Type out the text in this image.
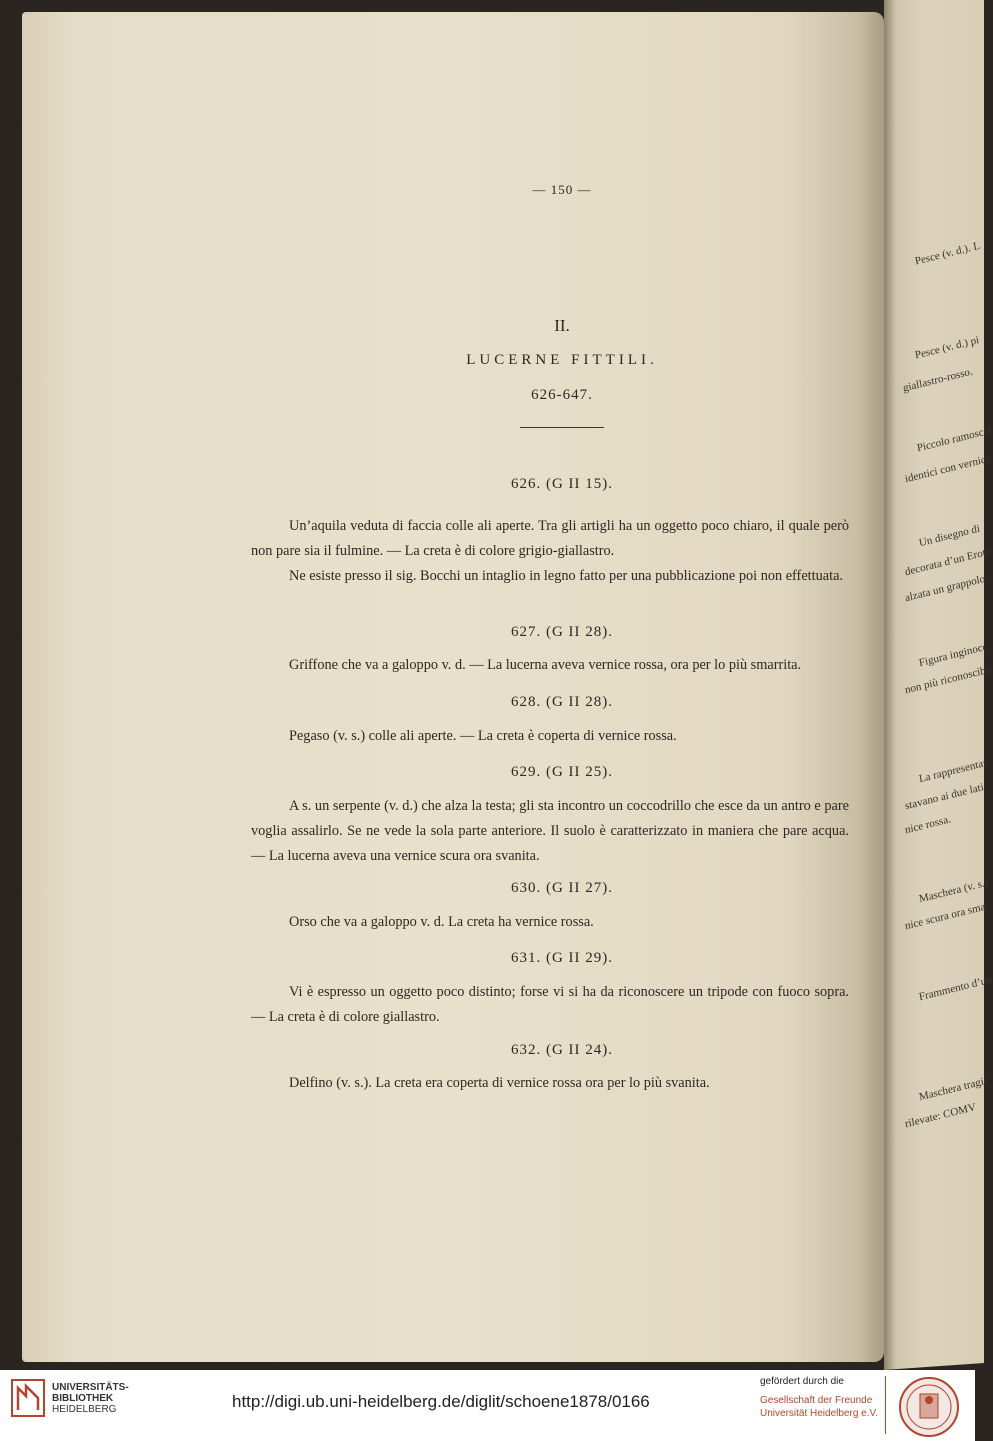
Pesce (v. d.). L
Pesce (v. d.) pi
giallastro-rosso.
Piccolo ramoscel
identici con vernice
Un disegno di
decorata d’un Erote
alzata un grappolo
Figura inginocc
non più riconoscibil
La rappresentaz
stavano ai due lati
nice rossa.
Maschera (v. s.)
nice scura ora sma
Frammento d’un
Maschera tragic
rilevate: COMV
— 150 —
II.
LUCERNE FITTILI.
626-647.
626. (G II 15).
Un’aquila veduta di faccia colle ali aperte. Tra gli artigli ha un oggetto poco chiaro, il quale però non pare sia il fulmine. — La creta è di colore grigio-giallastro.
Ne esiste presso il sig. Bocchi un intaglio in legno fatto per una pubblicazione poi non effettuata.
627. (G II 28).
Griffone che va a galoppo v. d. — La lucerna aveva vernice rossa, ora per lo più smarrita.
628. (G II 28).
Pegaso (v. s.) colle ali aperte. — La creta è coperta di vernice rossa.
629. (G II 25).
A s. un serpente (v. d.) che alza la testa; gli sta incontro un coccodrillo che esce da un antro e pare voglia assalirlo. Se ne vede la sola parte anteriore. Il suolo è caratterizzato in maniera che pare acqua. — La lucerna aveva una vernice scura ora svanita.
630. (G II 27).
Orso che va a galoppo v. d. La creta ha vernice rossa.
631. (G II 29).
Vi è espresso un oggetto poco distinto; forse vi si ha da riconoscere un tripode con fuoco sopra. — La creta è di colore giallastro.
632. (G II 24).
Delfino (v. s.). La creta era coperta di vernice rossa ora per lo più svanita.
UNIVERSITÄTS-
BIBLIOTHEK
HEIDELBERG	http://digi.ub.uni-heidelberg.de/diglit/schoene1878/0166
gefördert durch die
Gesellschaft der Freunde
Universität Heidelberg e.V.
